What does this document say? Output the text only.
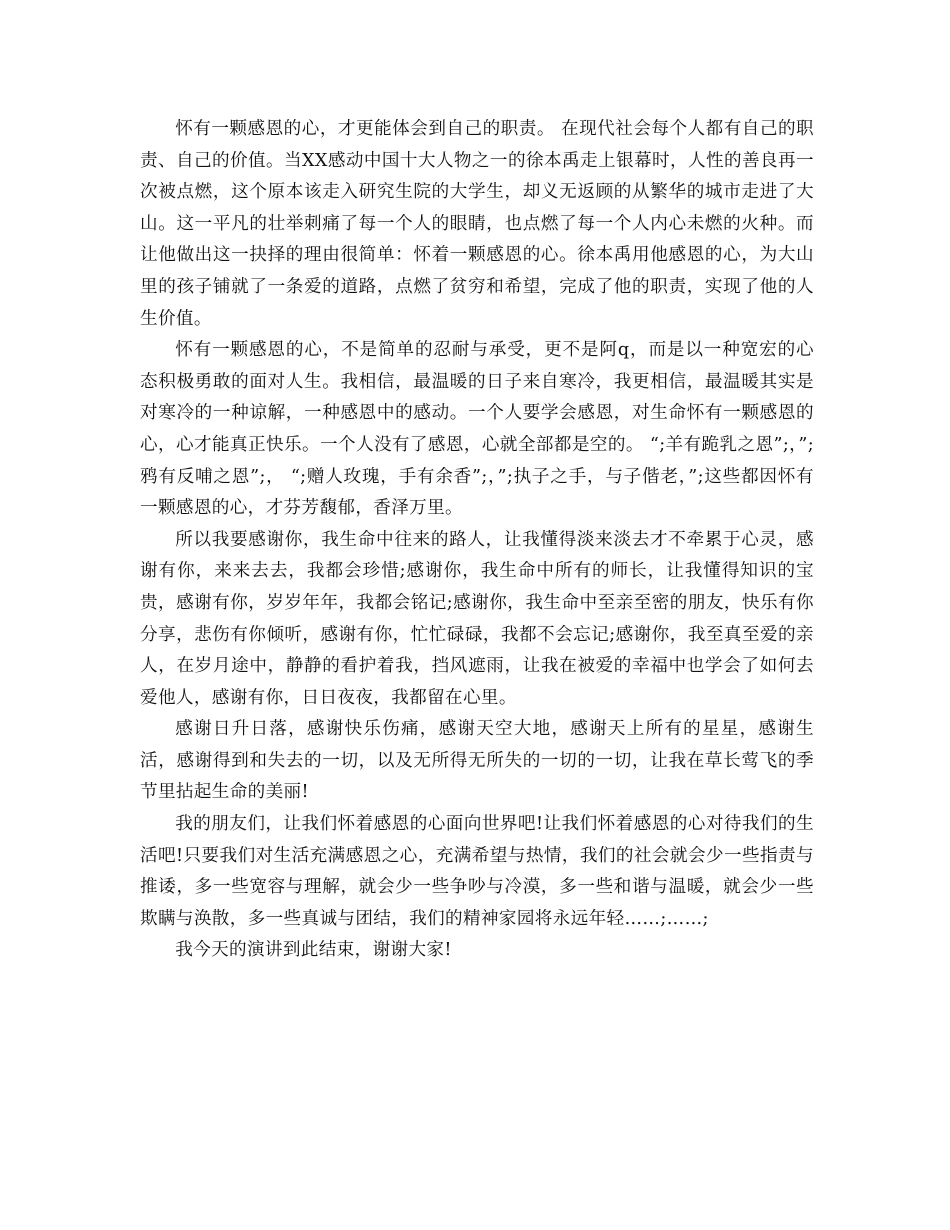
怀有一颗感恩的心，才更能体会到自己的职责。 在现代社会每个人都有自己的职责、自己的价值。当XX感动中国十大人物之一的徐本禹走上银幕时，人性的善良再一次被点燃，这个原本该走入研究生院的大学生，却义无返顾的从繁华的城市走进了大山。这一平凡的壮举刺痛了每一个人的眼睛，也点燃了每一个人内心未燃的火种。而让他做出这一抉择的理由很简单：怀着一颗感恩的心。徐本禹用他感恩的心，为大山里的孩子铺就了一条爱的道路，点燃了贫穷和希望，完成了他的职责，实现了他的人生价值。

怀有一颗感恩的心，不是简单的忍耐与承受，更不是阿q，而是以一种宽宏的心态积极勇敢的面对人生。我相信，最温暖的日子来自寒冷，我更相信，最温暖其实是对寒冷的一种谅解，一种感恩中的感动。一个人要学会感恩，对生命怀有一颗感恩的心，心才能真正快乐。一个人没有了感恩，心就全部都是空的。 “;羊有跪乳之恩”;，”;鸦有反哺之恩”;， “;赠人玫瑰，手有余香”;，”;执子之手，与子偕老，”;这些都因怀有一颗感恩的心，才芬芳馥郁，香泽万里。

所以我要感谢你，我生命中往来的路人，让我懂得淡来淡去才不牵累于心灵，感谢有你，来来去去，我都会珍惜;感谢你，我生命中所有的师长，让我懂得知识的宝贵，感谢有你，岁岁年年，我都会铭记;感谢你，我生命中至亲至密的朋友，快乐有你分享，悲伤有你倾听，感谢有你，忙忙碌碌，我都不会忘记;感谢你，我至真至爱的亲人，在岁月途中，静静的看护着我，挡风遮雨，让我在被爱的幸福中也学会了如何去爱他人，感谢有你，日日夜夜，我都留在心里。

感谢日升日落，感谢快乐伤痛，感谢天空大地，感谢天上所有的星星，感谢生活，感谢得到和失去的一切，以及无所得无所失的一切的一切，让我在草长莺飞的季节里拈起生命的美丽!

我的朋友们，让我们怀着感恩的心面向世界吧!让我们怀着感恩的心对待我们的生活吧!只要我们对生活充满感恩之心，充满希望与热情，我们的社会就会少一些指责与推诿，多一些宽容与理解，就会少一些争吵与冷漠，多一些和谐与温暖，就会少一些欺瞒与涣散，多一些真诚与团结，我们的精神家园将永远年轻……;……;

我今天的演讲到此结束，谢谢大家!
